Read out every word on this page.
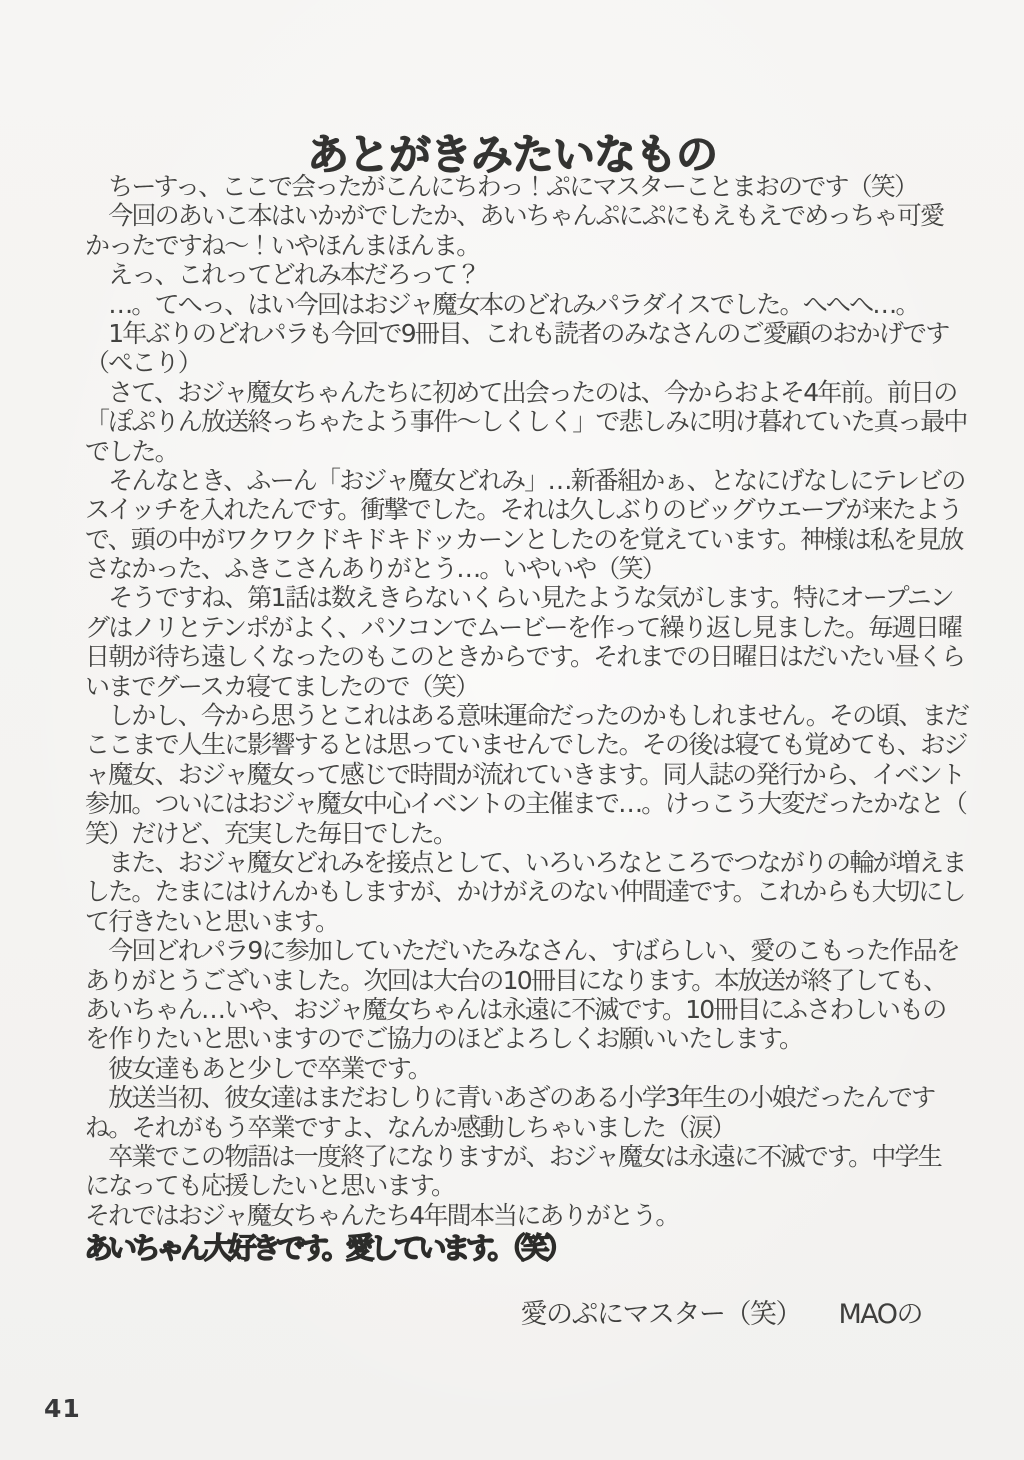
あとがきみたいなもの
　ちーすっ、ここで会ったがこんにちわっ！ぷにマスターことまおのです（笑）
　今回のあいこ本はいかがでしたか、あいちゃんぷにぷにもえもえでめっちゃ可愛
かったですね～！いやほんまほんま。
　えっ、これってどれみ本だろって？
　…。てへっ、はい今回はおジャ魔女本のどれみパラダイスでした。へへへ…。
　1年ぶりのどれパラも今回で9冊目、これも読者のみなさんのご愛顧のおかげです
（ぺこり）
　さて、おジャ魔女ちゃんたちに初めて出会ったのは、今からおよそ4年前。前日の
「ぽぷりん放送終っちゃたよう事件～しくしく」で悲しみに明け暮れていた真っ最中
でした。
　そんなとき、ふーん「おジャ魔女どれみ」…新番組かぁ、となにげなしにテレビの
スイッチを入れたんです。衝撃でした。それは久しぶりのビッグウエーブが来たよう
で、頭の中がワクワクドキドキドッカーンとしたのを覚えています。神様は私を見放
さなかった、ふきこさんありがとう…。いやいや（笑）
　そうですね、第1話は数えきらないくらい見たような気がします。特にオープニン
グはノリとテンポがよく、パソコンでムービーを作って繰り返し見ました。毎週日曜
日朝が待ち遠しくなったのもこのときからです。それまでの日曜日はだいたい昼くら
いまでグースカ寝てましたので（笑）
　しかし、今から思うとこれはある意味運命だったのかもしれません。その頃、まだ
ここまで人生に影響するとは思っていませんでした。その後は寝ても覚めても、おジ
ャ魔女、おジャ魔女って感じで時間が流れていきます。同人誌の発行から、イベント
参加。ついにはおジャ魔女中心イベントの主催まで…。けっこう大変だったかなと（
笑）だけど、充実した毎日でした。
　また、おジャ魔女どれみを接点として、いろいろなところでつながりの輪が増えま
した。たまにはけんかもしますが、かけがえのない仲間達です。これからも大切にし
て行きたいと思います。
　今回どれパラ9に参加していただいたみなさん、すばらしい、愛のこもった作品を
ありがとうございました。次回は大台の10冊目になります。本放送が終了しても、
あいちゃん…いや、おジャ魔女ちゃんは永遠に不滅です。10冊目にふさわしいもの
を作りたいと思いますのでご協力のほどよろしくお願いいたします。
　彼女達もあと少しで卒業です。
　放送当初、彼女達はまだおしりに青いあざのある小学3年生の小娘だったんです
ね。それがもう卒業ですよ、なんか感動しちゃいました（涙）
　卒業でこの物語は一度終了になりますが、おジャ魔女は永遠に不滅です。中学生
になっても応援したいと思います。
それではおジャ魔女ちゃんたち4年間本当にありがとう。
あいちゃん大好きです。愛しています。（笑）
愛のぷにマスター（笑）　　MAOの
41
